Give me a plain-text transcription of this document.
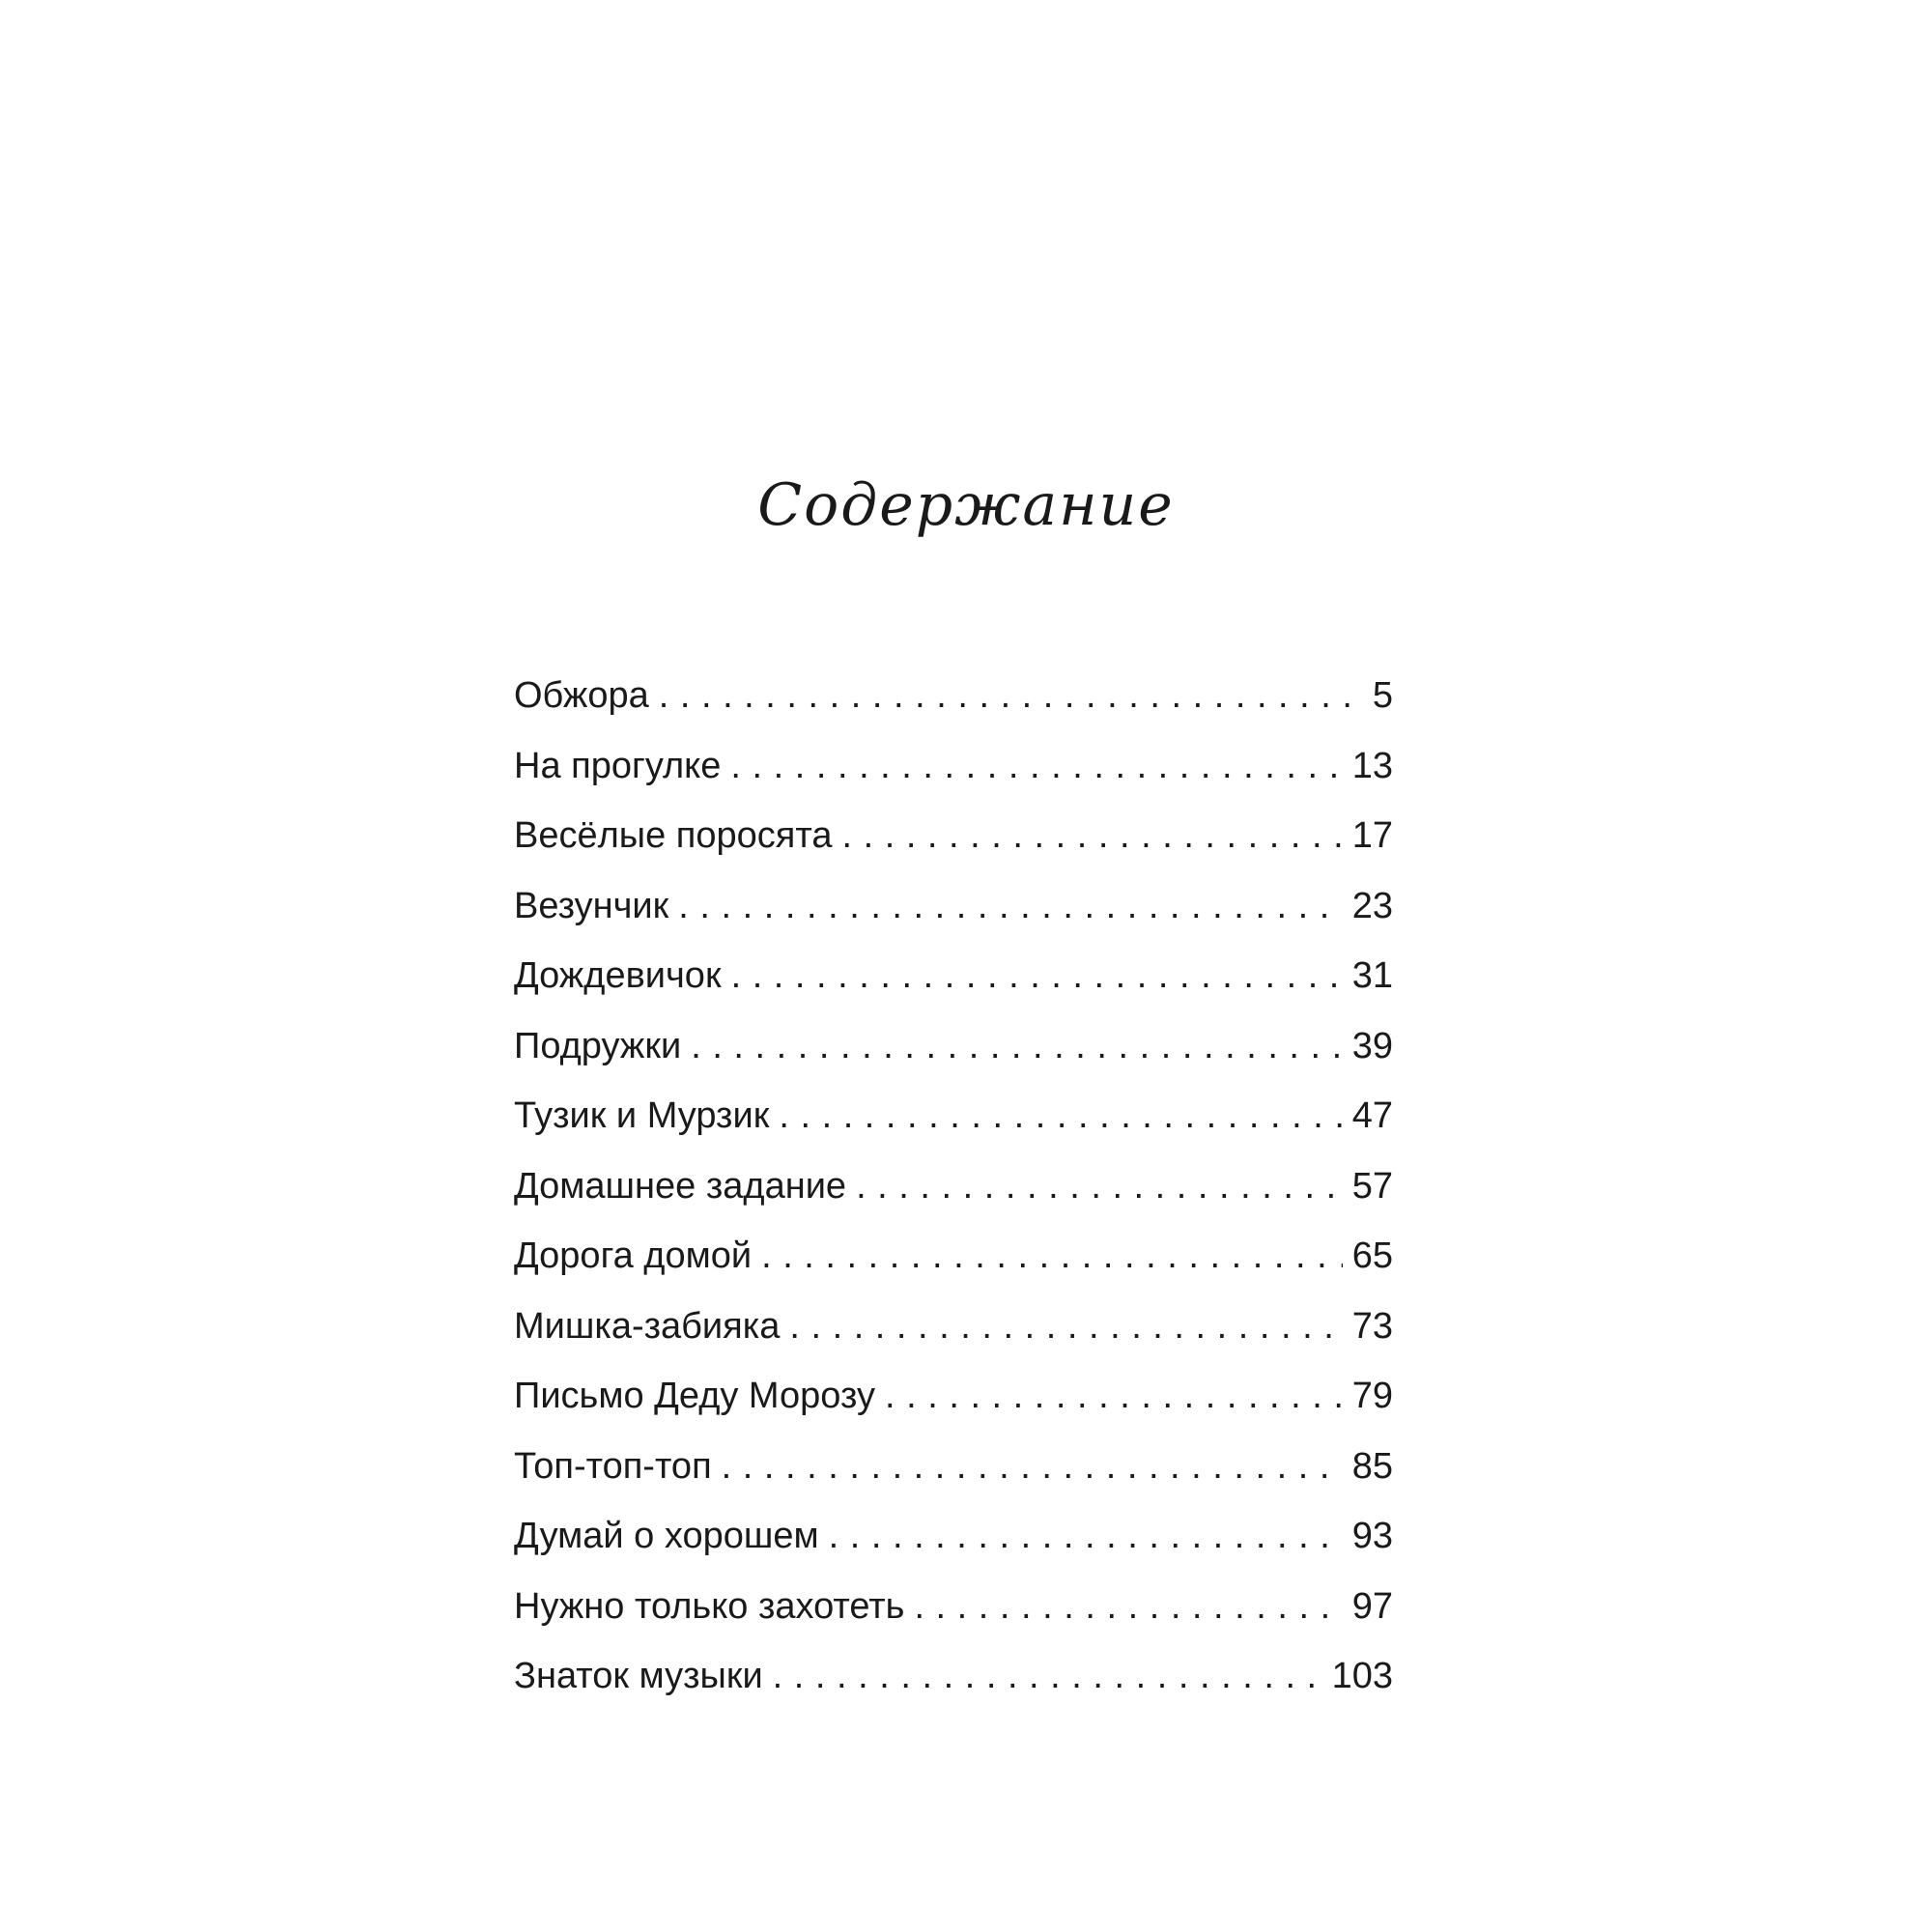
Содержание
Обжора . . .	5
На прогулке . . .	13
Весёлые поросята . . .	17
Везунчик . . .	23
Дождевичок . . .	31
Подружки . . .	39
Тузик и Мурзик . . .	47
Домашнее задание . . .	57
Дорога домой . . .	65
Мишка-забияка . . .	73
Письмо Деду Морозу . . .	79
Топ-топ-топ . . .	85
Думай о хорошем . . .	93
Нужно только захотеть . . .	97
Знаток музыки . . .	103
